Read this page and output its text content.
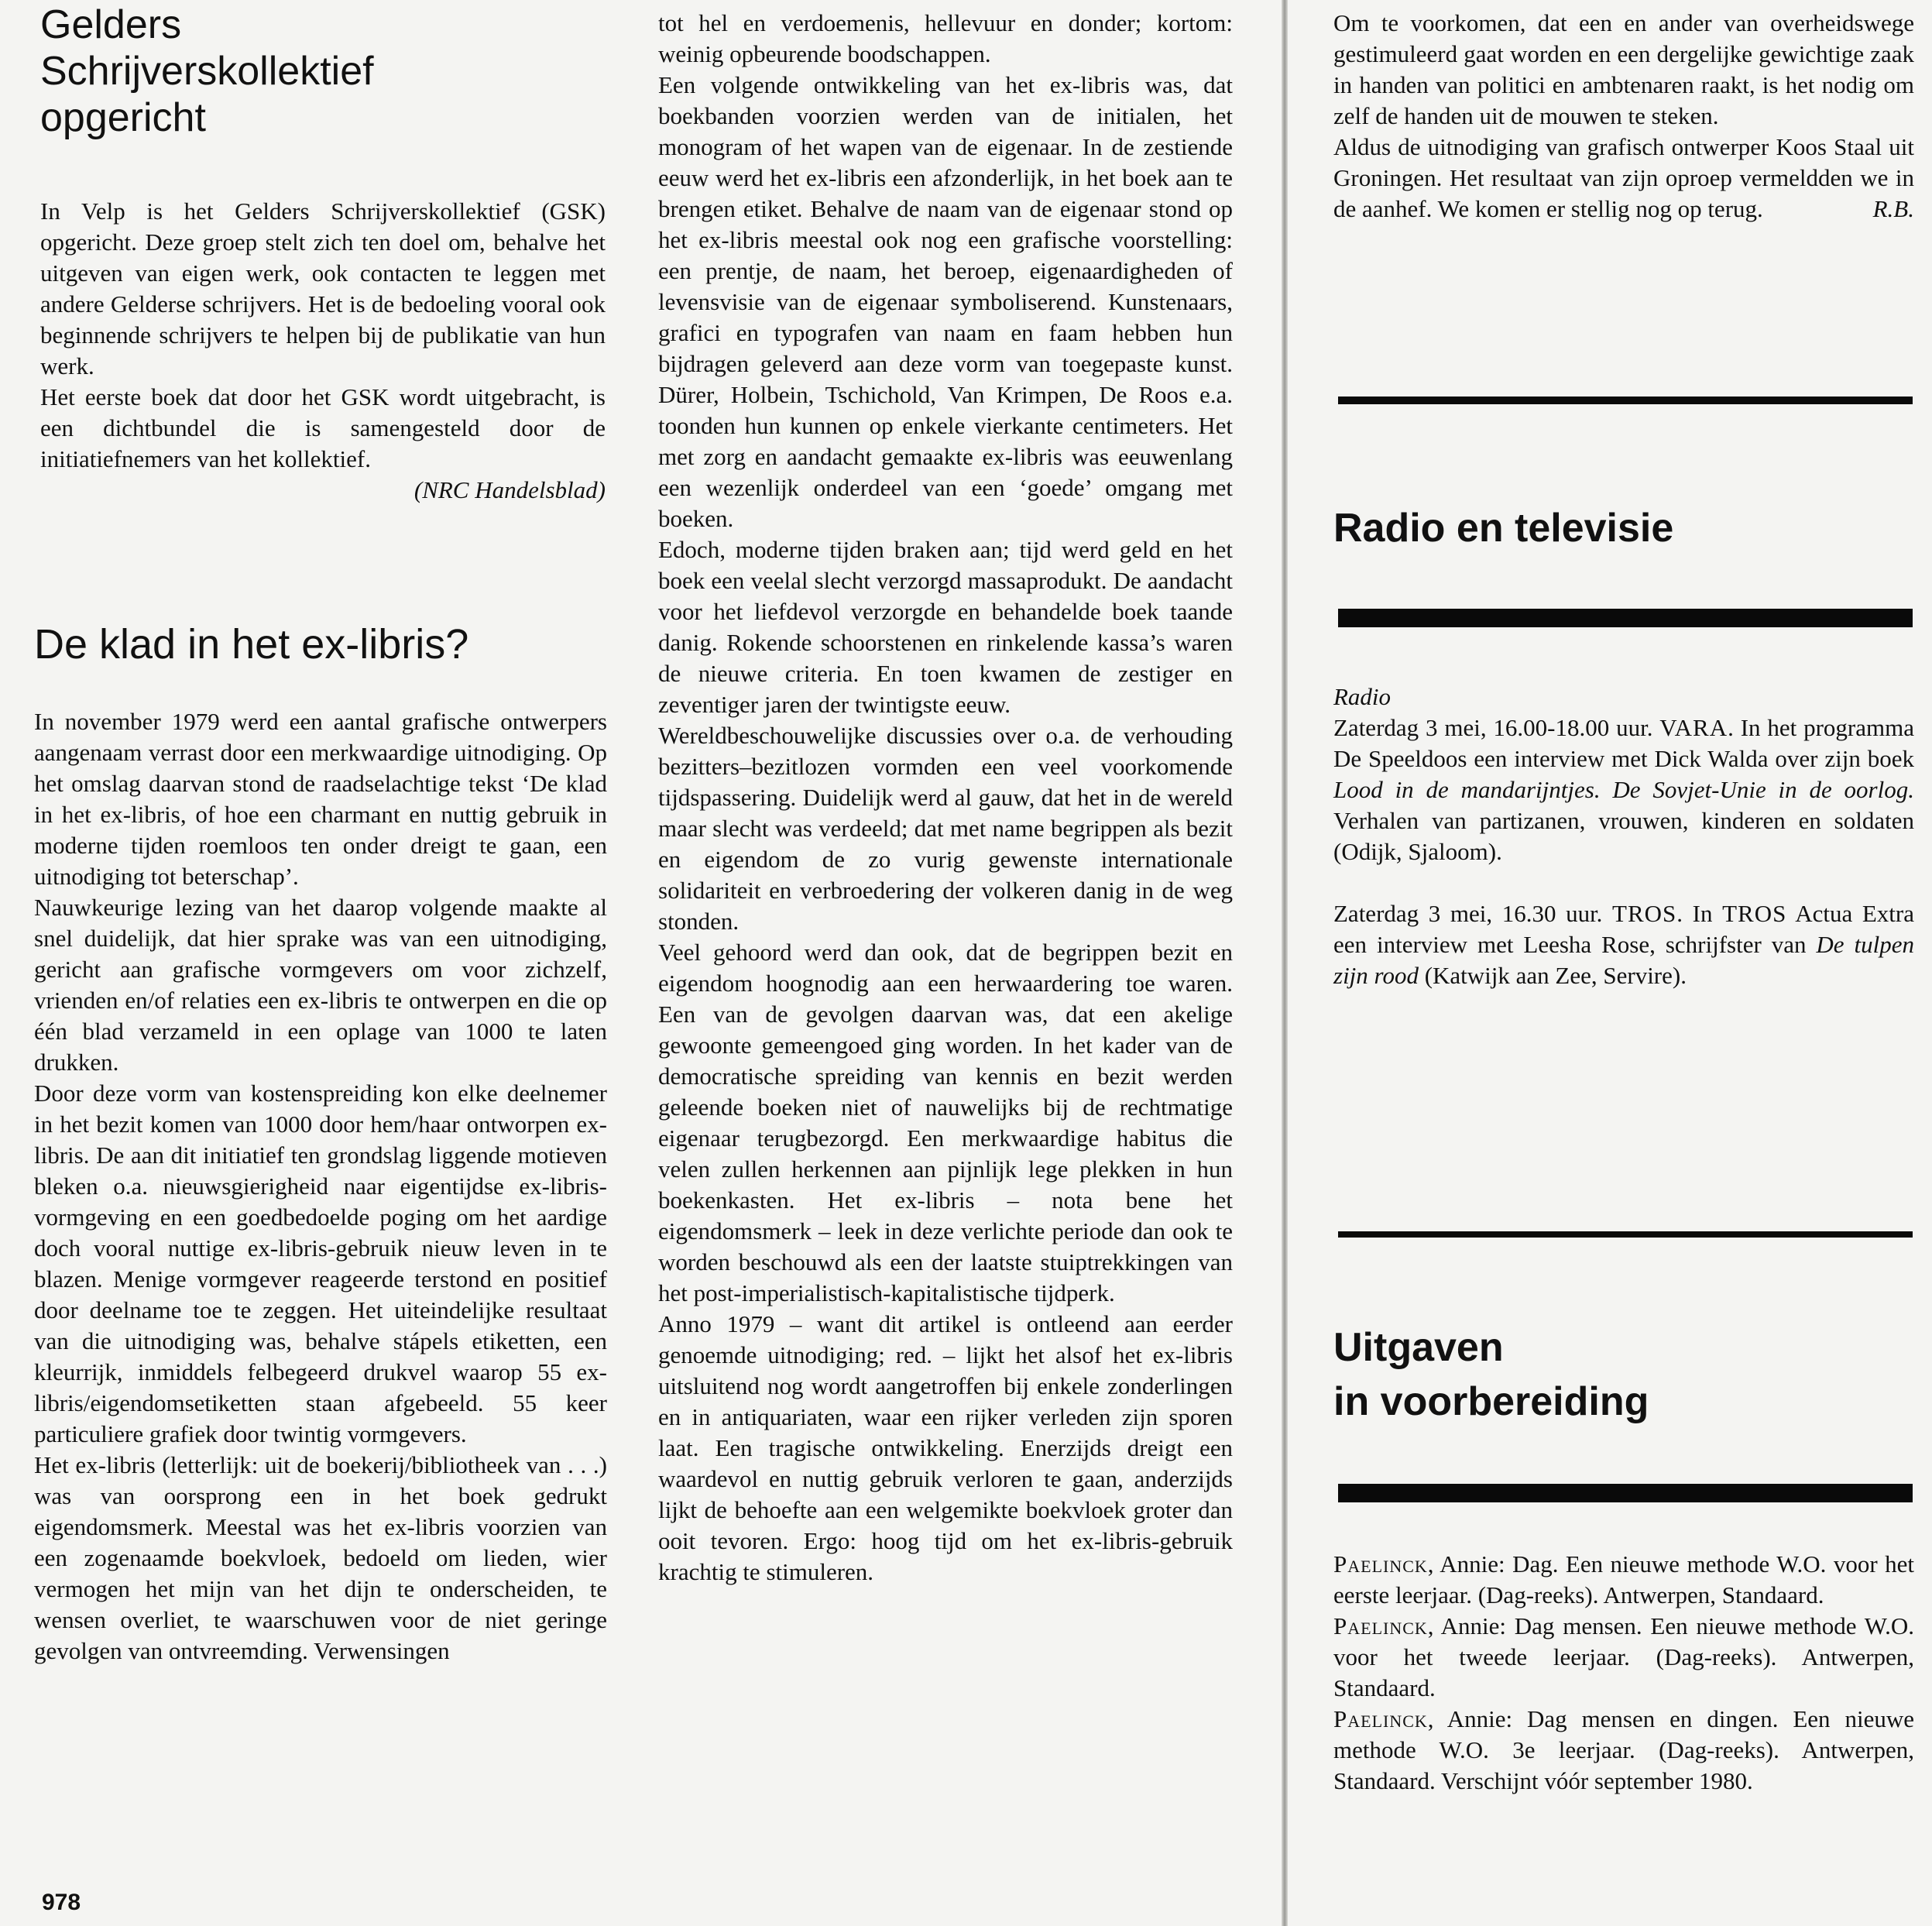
Gelders Schrijverskollektief opgericht

In Velp is het Gelders Schrijverskollektief (GSK) opgericht. Deze groep stelt zich ten doel om, behalve het uitgeven van eigen werk, ook contacten te leggen met andere Gelderse schrijvers. Het is de bedoeling vooral ook beginnende schrijvers te helpen bij de publikatie van hun werk.

Het eerste boek dat door het GSK wordt uitgebracht, is een dichtbundel die is samengesteld door de initiatiefnemers van het kollektief.

(NRC Handelsblad)

De klad in het ex-libris?

In november 1979 werd een aantal grafische ontwerpers aangenaam verrast door een merkwaardige uitnodiging. Op het omslag daarvan stond de raadselachtige tekst ‘De klad in het ex-libris, of hoe een charmant en nuttig gebruik in moderne tijden roemloos ten onder dreigt te gaan, een uitnodiging tot beterschap’.

Nauwkeurige lezing van het daarop volgende maakte al snel duidelijk, dat hier sprake was van een uitnodiging, gericht aan grafische vormgevers om voor zichzelf, vrienden en/of relaties een ex-libris te ontwerpen en die op één blad verzameld in een oplage van 1000 te laten drukken.

Door deze vorm van kostenspreiding kon elke deelnemer in het bezit komen van 1000 door hem/haar ontworpen ex-libris. De aan dit initiatief ten grondslag liggende motieven bleken o.a. nieuwsgierigheid naar eigentijdse ex-libris-vormgeving en een goedbedoelde poging om het aardige doch vooral nuttige ex-libris-gebruik nieuw leven in te blazen. Menige vormgever reageerde terstond en positief door deelname toe te zeggen. Het uiteindelijke resultaat van die uitnodiging was, behalve stápels etiketten, een kleurrijk, inmiddels felbegeerd drukvel waarop 55 ex-libris/eigendomsetiketten staan afgebeeld. 55 keer particuliere grafiek door twintig vormgevers.

Het ex-libris (letterlijk: uit de boekerij/bibliotheek van . . .) was van oorsprong een in het boek gedrukt eigendomsmerk. Meestal was het ex-libris voorzien van een zogenaamde boekvloek, bedoeld om lieden, wier vermogen het mijn van het dijn te onderscheiden, te wensen overliet, te waarschuwen voor de niet geringe gevolgen van ontvreemding. Verwensingen

978

tot hel en verdoemenis, hellevuur en donder; kortom: weinig opbeurende boodschappen.

Een volgende ontwikkeling van het ex-libris was, dat boekbanden voorzien werden van de initialen, het monogram of het wapen van de eigenaar. In de zestiende eeuw werd het ex-libris een afzonderlijk, in het boek aan te brengen etiket. Behalve de naam van de eigenaar stond op het ex-libris meestal ook nog een grafische voorstelling: een prentje, de naam, het beroep, eigenaardigheden of levensvisie van de eigenaar symboliserend. Kunstenaars, grafici en typografen van naam en faam hebben hun bijdragen geleverd aan deze vorm van toegepaste kunst. Dürer, Holbein, Tschichold, Van Krimpen, De Roos e.a. toonden hun kunnen op enkele vierkante centimeters. Het met zorg en aandacht gemaakte ex-libris was eeuwenlang een wezenlijk onderdeel van een ‘goede’ omgang met boeken.

Edoch, moderne tijden braken aan; tijd werd geld en het boek een veelal slecht verzorgd massaprodukt. De aandacht voor het liefdevol verzorgde en behandelde boek taande danig. Rokende schoorstenen en rinkelende kassa’s waren de nieuwe criteria. En toen kwamen de zestiger en zeventiger jaren der twintigste eeuw.

Wereldbeschouwelijke discussies over o.a. de verhouding bezitters–bezitlozen vormden een veel voorkomende tijdspassering. Duidelijk werd al gauw, dat het in de wereld maar slecht was verdeeld; dat met name begrippen als bezit en eigendom de zo vurig gewenste internationale solidariteit en verbroedering der volkeren danig in de weg stonden.

Veel gehoord werd dan ook, dat de begrippen bezit en eigendom hoognodig aan een herwaardering toe waren. Een van de gevolgen daarvan was, dat een akelige gewoonte gemeengoed ging worden. In het kader van de democratische spreiding van kennis en bezit werden geleende boeken niet of nauwelijks bij de rechtmatige eigenaar terugbezorgd. Een merkwaardige habitus die velen zullen herkennen aan pijnlijk lege plekken in hun boekenkasten. Het ex-libris – nota bene het eigendomsmerk – leek in deze verlichte periode dan ook te worden beschouwd als een der laatste stuiptrekkingen van het post-imperialistisch-kapitalistische tijdperk.

Anno 1979 – want dit artikel is ontleend aan eerder genoemde uitnodiging; red. – lijkt het alsof het ex-libris uitsluitend nog wordt aangetroffen bij enkele zonderlingen en in antiquariaten, waar een rijker verleden zijn sporen laat. Een tragische ontwikkeling. Enerzijds dreigt een waardevol en nuttig gebruik verloren te gaan, anderzijds lijkt de behoefte aan een welgemikte boekvloek groter dan ooit tevoren. Ergo: hoog tijd om het ex-libris-gebruik krachtig te stimuleren.

Om te voorkomen, dat een en ander van overheidswege gestimuleerd gaat worden en een dergelijke gewichtige zaak in handen van politici en ambtenaren raakt, is het nodig om zelf de handen uit de mouwen te steken.

Aldus de uitnodiging van grafisch ontwerper Koos Staal uit Groningen. Het resultaat van zijn oproep vermeldden we in de aanhef. We komen er stellig nog op terug.	R.B.

Radio en televisie

Radio

Zaterdag 3 mei, 16.00-18.00 uur. VARA. In het programma De Speeldoos een interview met Dick Walda over zijn boek Lood in de mandarijntjes. De Sovjet-Unie in de oorlog. Verhalen van partizanen, vrouwen, kinderen en soldaten (Odijk, Sjaloom).

Zaterdag 3 mei, 16.30 uur. TROS. In TROS Actua Extra een interview met Leesha Rose, schrijfster van De tulpen zijn rood (Katwijk aan Zee, Servire).

Uitgaven
in voorbereiding

Paelinck, Annie: Dag. Een nieuwe methode W.O. voor het eerste leerjaar. (Dag-reeks). Antwerpen, Standaard.

Paelinck, Annie: Dag mensen. Een nieuwe methode W.O. voor het tweede leerjaar. (Dag-reeks). Antwerpen, Standaard.

Paelinck, Annie: Dag mensen en dingen. Een nieuwe methode W.O. 3e leerjaar. (Dag-reeks). Antwerpen, Standaard. Verschijnt vóór september 1980.
